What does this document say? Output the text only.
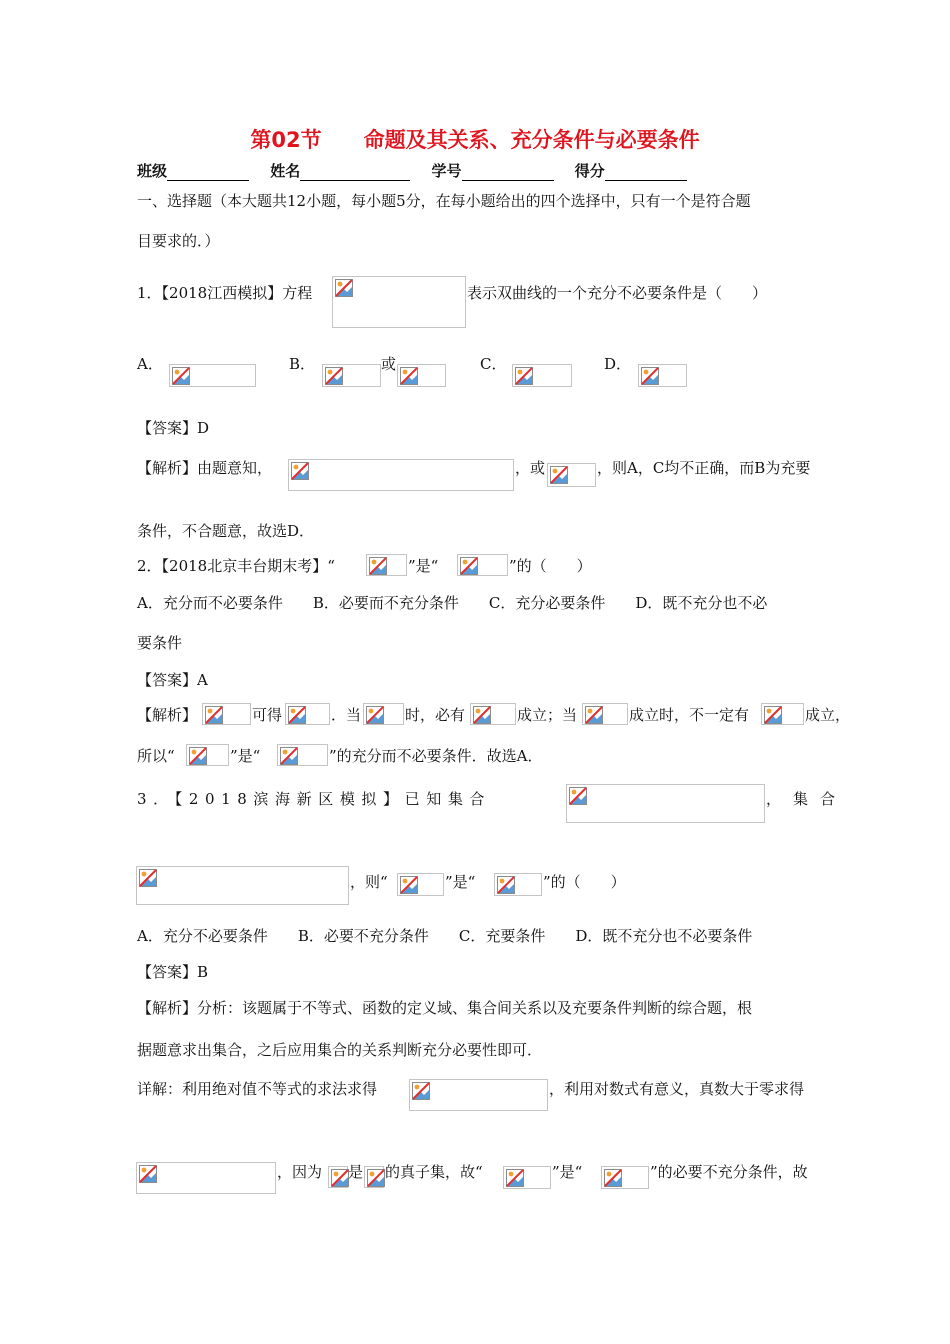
第02节　　命题及其关系、充分条件与必要条件
班级	姓名	学号	得分
一、选择题（本大题共12小题，每小题5分，在每小题给出的四个选择中，只有一个是符合题
目要求的．）
1．【2018江西模拟】方程	表示双曲线的一个充分不必要条件是（　　）
A．	B．	或	C．	D．
【答案】D
【解析】由题意知，	，或	，则A，C均不正确，而B为充要
条件，不合题意，故选D．
2．【2018北京丰台期末考】“	”是“	”的（　　）
A．充分而不必要条件　　B．必要而不充分条件　　C．充分必要条件　　D．既不充分也不必
要条件
【答案】A
【解析】	可得	．当	时，必有	成立；当	成立时，不一定有	成立，
所以“	”是“	”的充分而不必要条件．故选A．
3．【2018滨海新区模拟】已知集合	，集合
，则“	”是“	”的（　　）
A．充分不必要条件　　B．必要不充分条件　　C．充要条件　　D．既不充分也不必要条件
【答案】B
【解析】分析：该题属于不等式、函数的定义域、集合间关系以及充要条件判断的综合题，根
据题意求出集合，之后应用集合的关系判断充分必要性即可．
详解：利用绝对值不等式的求法求得	，利用对数式有意义，真数大于零求得
，因为 是 的真子集，故“	”是“	”的必要不充分条件，故
